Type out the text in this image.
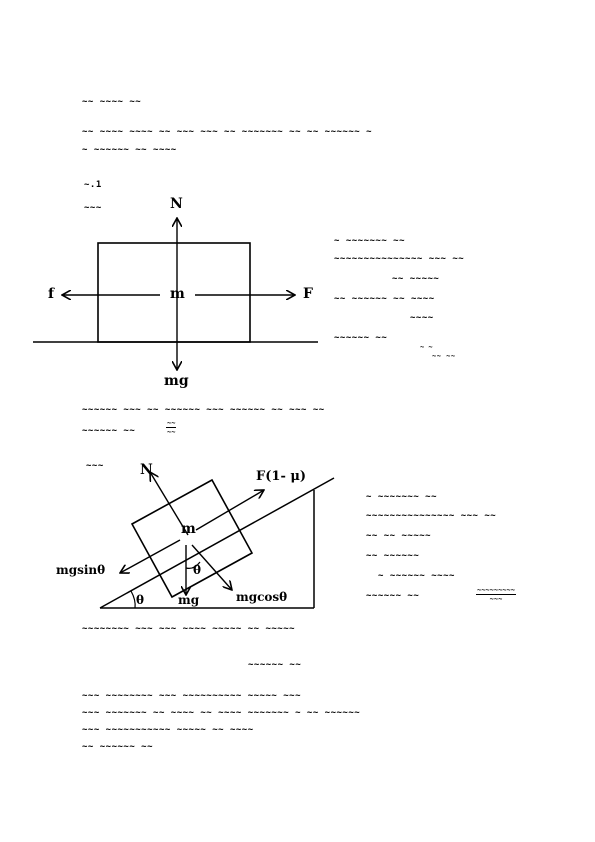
~~ ~~~~ ~~
~~ ~~~~ ~~~~ ~~ ~~~ ~~~ ~~ ~~~~~~~ ~~ ~~ ~~~~~~ ~
~ ~~~~~~ ~~ ~~~~
~.1
~~~	N
f	F
m
mg
~ ~~~~~~~ ~~
~~~~~~~~~~~~~~~ ~~~ ~~
~~ ~~~~~
~~ ~~~~~~ ~~ ~~~~
~~~~
~~~~~~ ~~
~ ~
~~ ~~
~~~~~~ ~~~ ~~ ~~~~~~ ~~~ ~~~~~~ ~~ ~~~ ~~
~~~~~~ ~~
~~
~~
~~~	N	F(1- μ)
m
mgsinθ
mg	mgcosθ
θ
θ
~ ~~~~~~~ ~~
~~~~~~~~~~~~~~~ ~~~ ~~
~~ ~~ ~~~~~
~~ ~~~~~~
~ ~~~~~~ ~~~~
~~~~~~ ~~
~~~~~~~~~
~~~
~~~~~~~~ ~~~ ~~~ ~~~~ ~~~~~ ~~ ~~~~~
~~~~~~ ~~
~~~ ~~~~~~~~ ~~~ ~~~~~~~~~~ ~~~~~ ~~~
~~~ ~~~~~~~ ~~ ~~~~ ~~ ~~~~ ~~~~~~~ ~ ~~ ~~~~~~
~~~ ~~~~~~~~~~~ ~~~~~ ~~ ~~~~
~~ ~~~~~~ ~~
